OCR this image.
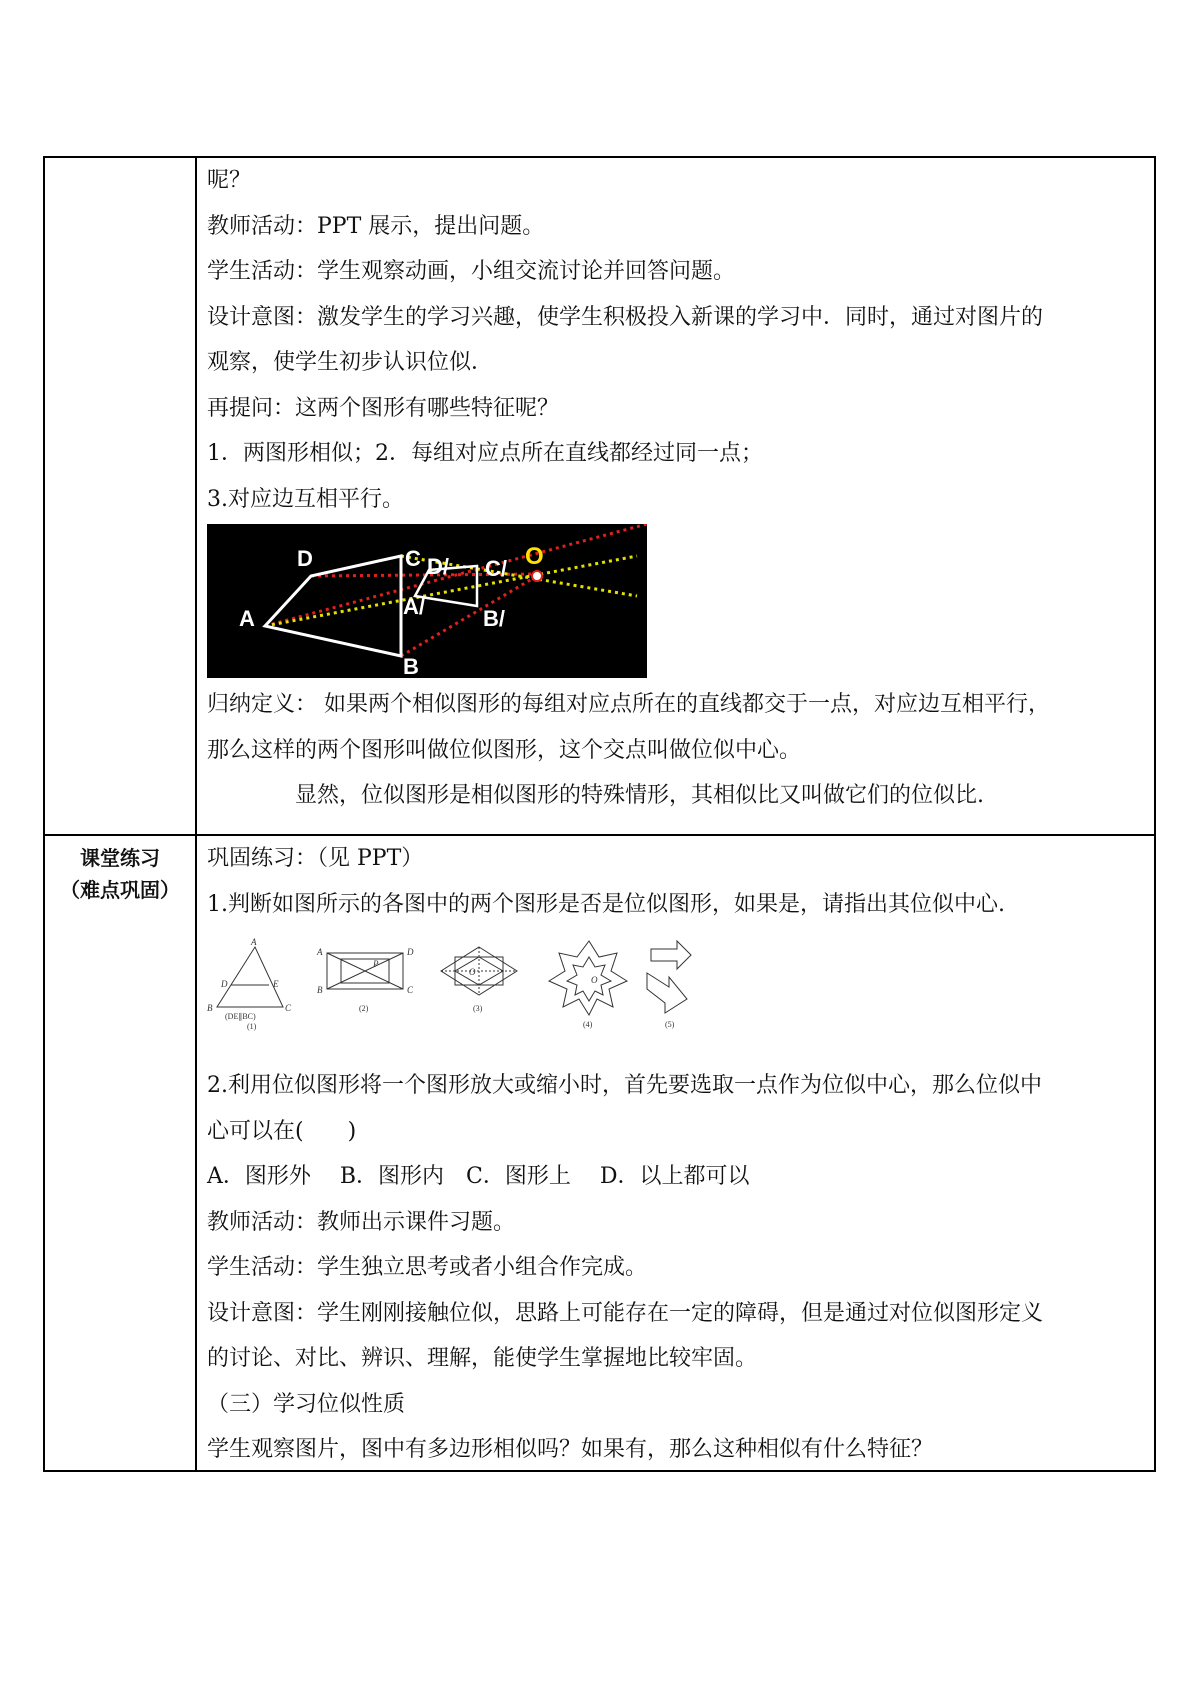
呢？
教师活动：PPT 展示，提出问题。
学生活动：学生观察动画，小组交流讨论并回答问题。
设计意图：激发学生的学习兴趣，使学生积极投入新课的学习中．同时，通过对图片的
观察，使学生初步认识位似．
再提问：这两个图形有哪些特征呢？
1．两图形相似；2．每组对应点所在直线都经过同一点；
3.对应边互相平行。
D	C D/ C/
A	A/	B/
B
O
归纳定义： 如果两个相似图形的每组对应点所在的直线都交于一点，对应边互相平行，
那么这样的两个图形叫做位似图形，这个交点叫做位似中心。
显然，位似图形是相似图形的特殊情形，其相似比又叫做它们的位似比.
课堂练习
（难点巩固）
巩固练习：（见 PPT）
1.判断如图所示的各图中的两个图形是否是位似图形，如果是，请指出其位似中心.
A
D	E
B	C
A	D
P
B	C
O
O
(DE∥BC)
(1)
(2)	(3)
(4)	(5)
2.利用位似图形将一个图形放大或缩小时，首先要选取一点作为位似中心，那么位似中
心可以在(　　)
A．图形外　 B．图形内　C．图形上　 D．以上都可以
教师活动：教师出示课件习题。
学生活动：学生独立思考或者小组合作完成。
设计意图：学生刚刚接触位似，思路上可能存在一定的障碍，但是通过对位似图形定义
的讨论、对比、辨识、理解，能使学生掌握地比较牢固。
（三）学习位似性质
学生观察图片，图中有多边形相似吗？如果有，那么这种相似有什么特征？
